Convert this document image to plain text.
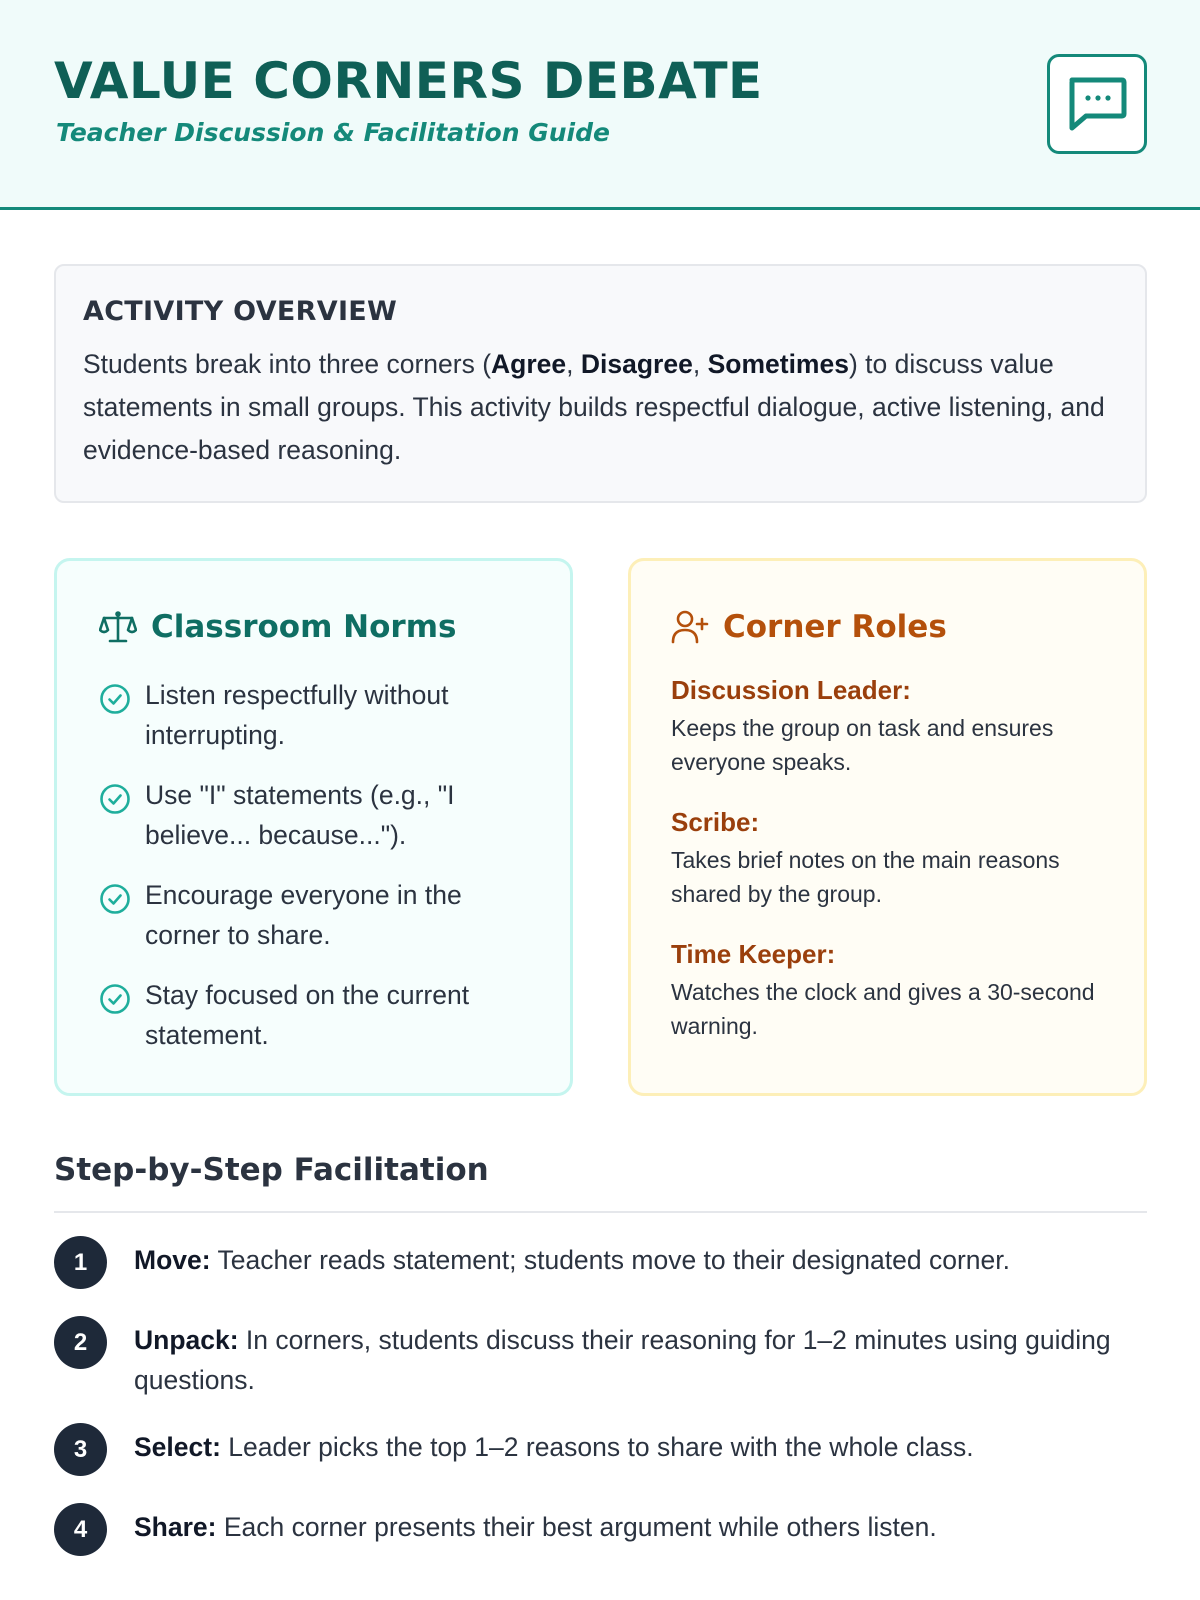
VALUE CORNERS DEBATE
Teacher Discussion & Facilitation Guide
ACTIVITY OVERVIEW
Students break into three corners (Agree, Disagree, Sometimes) to discuss value statements in small groups. This activity builds respectful dialogue, active listening, and evidence-based reasoning.
Classroom Norms
Listen respectfully without interrupting.
Use "I" statements (e.g., "I believe... because...").
Encourage everyone in the corner to share.
Stay focused on the current statement.
Corner Roles
Discussion Leader:
Keeps the group on task and ensures everyone speaks.
Scribe:
Takes brief notes on the main reasons shared by the group.
Time Keeper:
Watches the clock and gives a 30-second warning.
Step-by-Step Facilitation
1	Move: Teacher reads statement; students move to their designated corner.
2	Unpack: In corners, students discuss their reasoning for 1–2 minutes using guiding questions.
3	Select: Leader picks the top 1–2 reasons to share with the whole class.
4	Share: Each corner presents their best argument while others listen.
